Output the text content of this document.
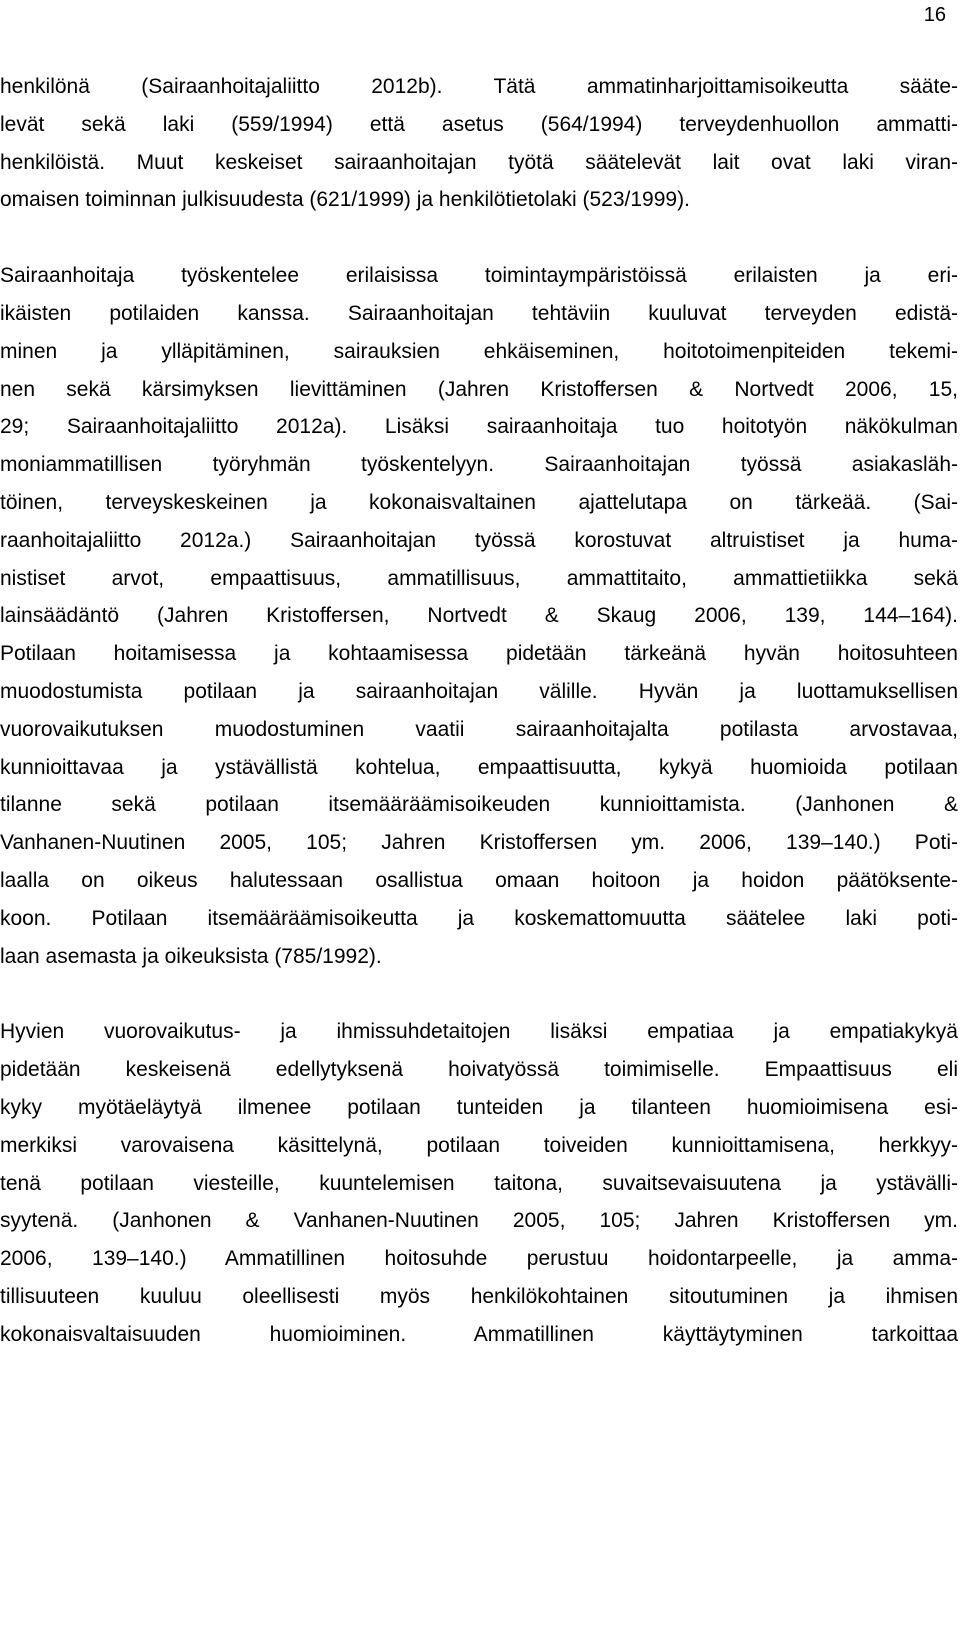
16
henkilönä (Sairaanhoitajaliitto 2012b). Tätä ammatinharjoittamisoikeutta sääte-
levät sekä laki (559/1994) että asetus (564/1994) terveydenhuollon ammatti-
henkilöistä. Muut keskeiset sairaanhoitajan työtä säätelevät lait ovat laki viran-
omaisen toiminnan julkisuudesta (621/1999) ja henkilötietolaki (523/1999).
Sairaanhoitaja työskentelee erilaisissa toimintaympäristöissä erilaisten ja eri-
ikäisten potilaiden kanssa. Sairaanhoitajan tehtäviin kuuluvat terveyden edistä-
minen ja ylläpitäminen, sairauksien ehkäiseminen, hoitotoimenpiteiden tekemi-
nen sekä kärsimyksen lievittäminen (Jahren Kristoffersen & Nortvedt 2006, 15,
29; Sairaanhoitajaliitto 2012a). Lisäksi sairaanhoitaja tuo hoitotyön näkökulman
moniammatillisen työryhmän työskentelyyn. Sairaanhoitajan työssä asiakasläh-
töinen, terveyskeskeinen ja kokonaisvaltainen ajattelutapa on tärkeää. (Sai-
raanhoitajaliitto 2012a.) Sairaanhoitajan työssä korostuvat altruistiset ja huma-
nistiset arvot, empaattisuus, ammatillisuus, ammattitaito, ammattietiikka sekä
lainsäädäntö (Jahren Kristoffersen, Nortvedt & Skaug 2006, 139, 144–164).
Potilaan hoitamisessa ja kohtaamisessa pidetään tärkeänä hyvän hoitosuhteen
muodostumista potilaan ja sairaanhoitajan välille. Hyvän ja luottamuksellisen
vuorovaikutuksen muodostuminen vaatii sairaanhoitajalta potilasta arvostavaa,
kunnioittavaa ja ystävällistä kohtelua, empaattisuutta, kykyä huomioida potilaan
tilanne sekä potilaan itsemääräämisoikeuden kunnioittamista. (Janhonen &
Vanhanen-Nuutinen 2005, 105; Jahren Kristoffersen ym. 2006, 139–140.) Poti-
laalla on oikeus halutessaan osallistua omaan hoitoon ja hoidon päätöksente-
koon. Potilaan itsemääräämisoikeutta ja koskemattomuutta säätelee laki poti-
laan asemasta ja oikeuksista (785/1992).
Hyvien vuorovaikutus- ja ihmissuhdetaitojen lisäksi empatiaa ja empatiakykyä
pidetään keskeisenä edellytyksenä hoivatyössä toimimiselle. Empaattisuus eli
kyky myötäeläytyä ilmenee potilaan tunteiden ja tilanteen huomioimisena esi-
merkiksi varovaisena käsittelynä, potilaan toiveiden kunnioittamisena, herkkyy-
tenä potilaan viesteille, kuuntelemisen taitona, suvaitsevaisuutena ja ystävälli-
syytenä. (Janhonen & Vanhanen-Nuutinen 2005, 105; Jahren Kristoffersen ym.
2006, 139–140.) Ammatillinen hoitosuhde perustuu hoidontarpeelle, ja amma-
tillisuuteen kuuluu oleellisesti myös henkilökohtainen sitoutuminen ja ihmisen
kokonaisvaltaisuuden huomioiminen. Ammatillinen käyttäytyminen tarkoittaa
